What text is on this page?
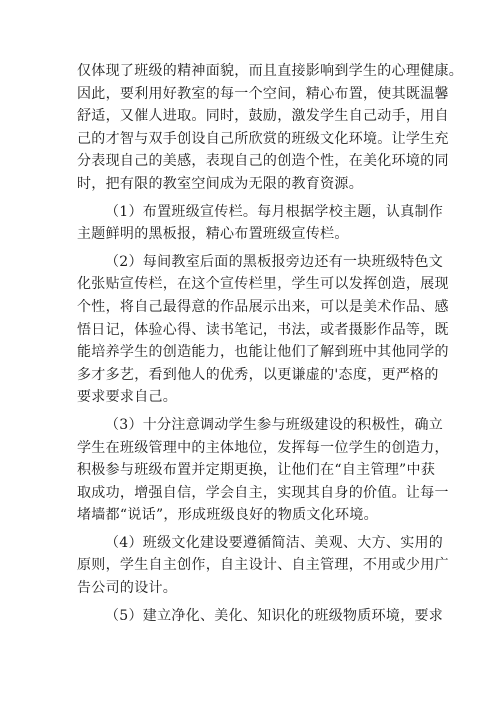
仅体现了班级的精神面貌，而且直接影响到学生的心理健康。
因此，要利用好教室的每一个空间，精心布置，使其既温馨
舒适，又催人进取。同时，鼓励，激发学生自己动手，用自
己的才智与双手创设自己所欣赏的班级文化环境。让学生充
分表现自己的美感，表现自己的创造个性，在美化环境的同
时，把有限的教室空间成为无限的教育资源。
（1）布置班级宣传栏。每月根据学校主题，认真制作
主题鲜明的黑板报，精心布置班级宣传栏。
（2）每间教室后面的黑板报旁边还有一块班级特色文
化张贴宣传栏，在这个宣传栏里，学生可以发挥创造，展现
个性，将自己最得意的作品展示出来，可以是美术作品、感
悟日记，体验心得、读书笔记，书法，或者摄影作品等，既
能培养学生的创造能力，也能让他们了解到班中其他同学的
多才多艺，看到他人的优秀，以更谦虚的'态度，更严格的
要求要求自己。
（3）十分注意调动学生参与班级建设的积极性，确立
学生在班级管理中的主体地位，发挥每一位学生的创造力，
积极参与班级布置并定期更换，让他们在“自主管理”中获
取成功，增强自信，学会自主，实现其自身的价值。让每一
堵墙都“说话”，形成班级良好的物质文化环境。
（4）班级文化建设要遵循简洁、美观、大方、实用的
原则，学生自主创作，自主设计、自主管理，不用或少用广
告公司的设计。
（5）建立净化、美化、知识化的班级物质环境，要求
